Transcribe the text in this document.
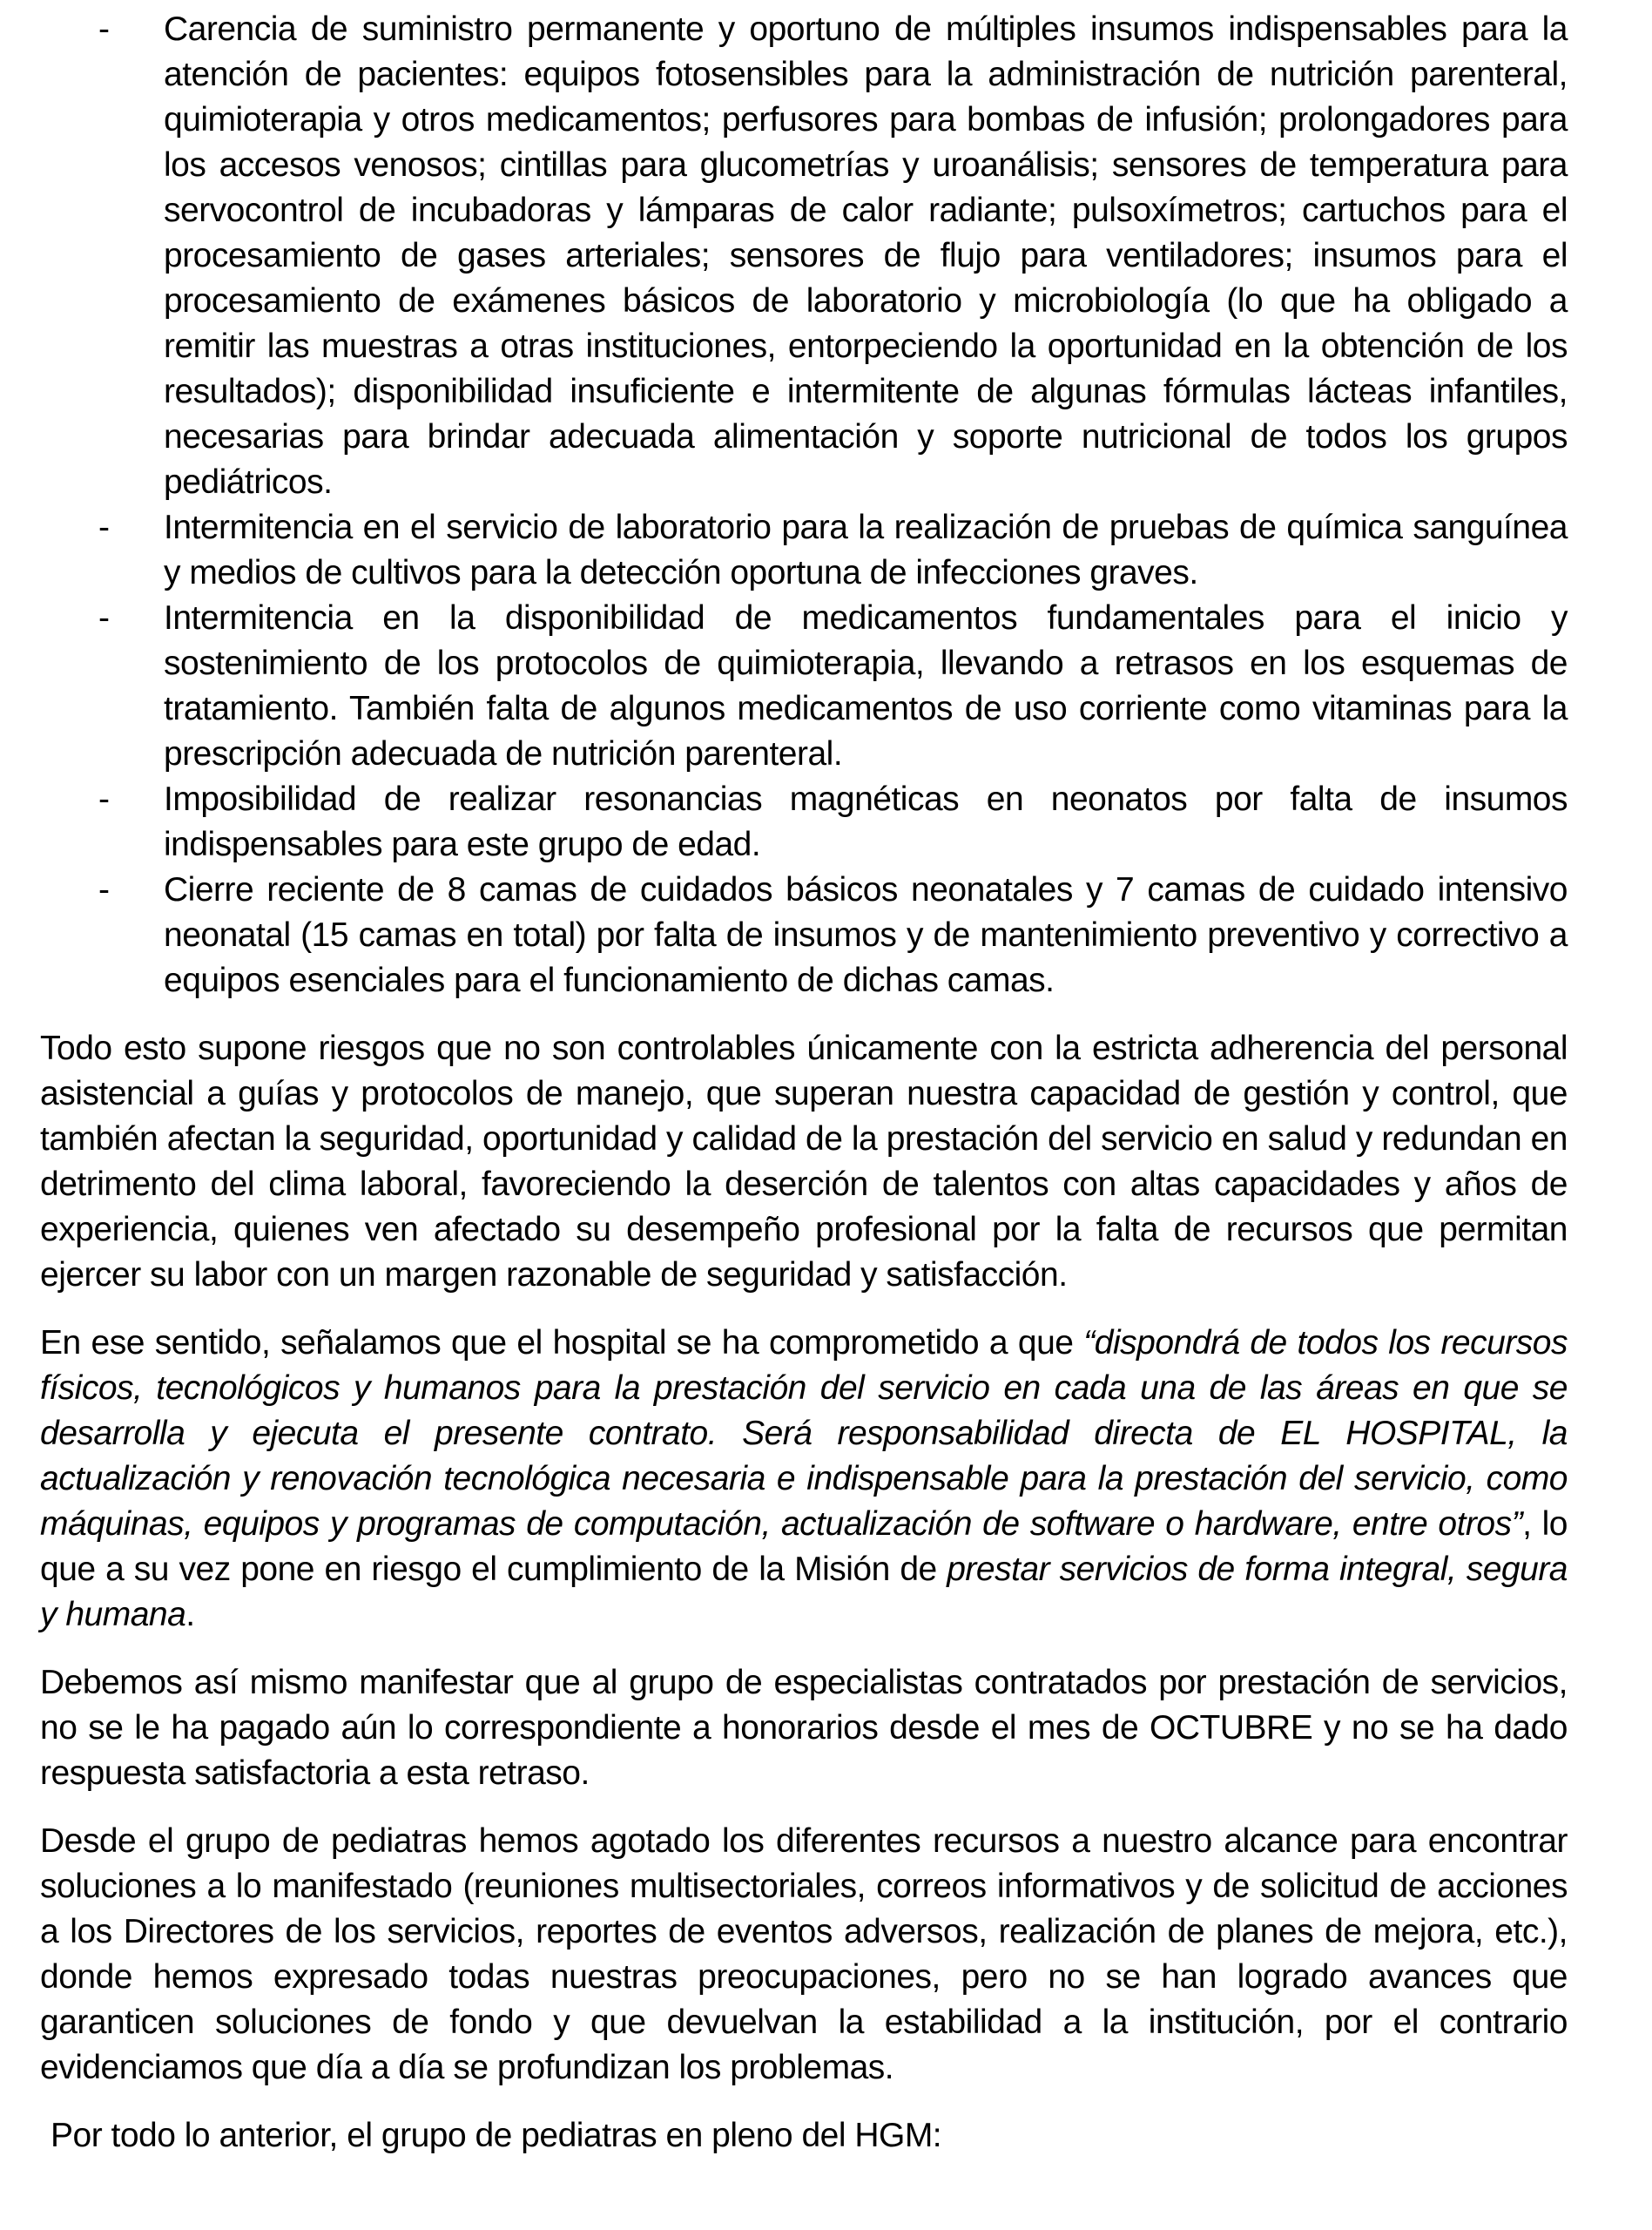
- Carencia de suministro permanente y oportuno de múltiples insumos indispensables para la atención de pacientes: equipos fotosensibles para la administración de nutrición parenteral, quimioterapia y otros medicamentos; perfusores para bombas de infusión; prolongadores para los accesos venosos; cintillas para glucometrías y uroanálisis; sensores de temperatura para servocontrol de incubadoras y lámparas de calor radiante; pulsoxímetros; cartuchos para el procesamiento de gases arteriales; sensores de flujo para ventiladores; insumos para el procesamiento de exámenes básicos de laboratorio y microbiología (lo que ha obligado a remitir las muestras a otras instituciones, entorpeciendo la oportunidad en la obtención de los resultados); disponibilidad insuficiente e intermitente de algunas fórmulas lácteas infantiles, necesarias para brindar adecuada alimentación y soporte nutricional de todos los grupos pediátricos.
- Intermitencia en el servicio de laboratorio para la realización de pruebas de química sanguínea y medios de cultivos para la detección oportuna de infecciones graves.
- Intermitencia en la disponibilidad de medicamentos fundamentales para el inicio y sostenimiento de los protocolos de quimioterapia, llevando a retrasos en los esquemas de tratamiento. También falta de algunos medicamentos de uso corriente como vitaminas para la prescripción adecuada de nutrición parenteral.
- Imposibilidad de realizar resonancias magnéticas en neonatos por falta de insumos indispensables para este grupo de edad.
- Cierre reciente de 8 camas de cuidados básicos neonatales y 7 camas de cuidado intensivo neonatal (15 camas en total) por falta de insumos y de mantenimiento preventivo y correctivo a equipos esenciales para el funcionamiento de dichas camas.
Todo esto supone riesgos que no son controlables únicamente con la estricta adherencia del personal asistencial a guías y protocolos de manejo, que superan nuestra capacidad de gestión y control, que también afectan la seguridad, oportunidad y calidad de la prestación del servicio en salud y redundan en detrimento del clima laboral, favoreciendo la deserción de talentos con altas capacidades y años de experiencia, quienes ven afectado su desempeño profesional por la falta de recursos que permitan ejercer su labor con un margen razonable de seguridad y satisfacción.
En ese sentido, señalamos que el hospital se ha comprometido a que “dispondrá de todos los recursos físicos, tecnológicos y humanos para la prestación del servicio en cada una de las áreas en que se desarrolla y ejecuta el presente contrato. Será responsabilidad directa de EL HOSPITAL, la actualización y renovación tecnológica necesaria e indispensable para la prestación del servicio, como máquinas, equipos y programas de computación, actualización de software o hardware, entre otros”, lo que a su vez pone en riesgo el cumplimiento de la Misión de prestar servicios de forma integral, segura y humana.
Debemos así mismo manifestar que al grupo de especialistas contratados por prestación de servicios, no se le ha pagado aún lo correspondiente a honorarios desde el mes de OCTUBRE y no se ha dado respuesta satisfactoria a esta retraso.
Desde el grupo de pediatras hemos agotado los diferentes recursos a nuestro alcance para encontrar soluciones a lo manifestado (reuniones multisectoriales, correos informativos y de solicitud de acciones a los Directores de los servicios, reportes de eventos adversos, realización de planes de mejora, etc.), donde hemos expresado todas nuestras preocupaciones, pero no se han logrado avances que garanticen soluciones de fondo y que devuelvan la estabilidad a la institución, por el contrario evidenciamos que día a día se profundizan los problemas.
Por todo lo anterior, el grupo de pediatras en pleno del HGM:
